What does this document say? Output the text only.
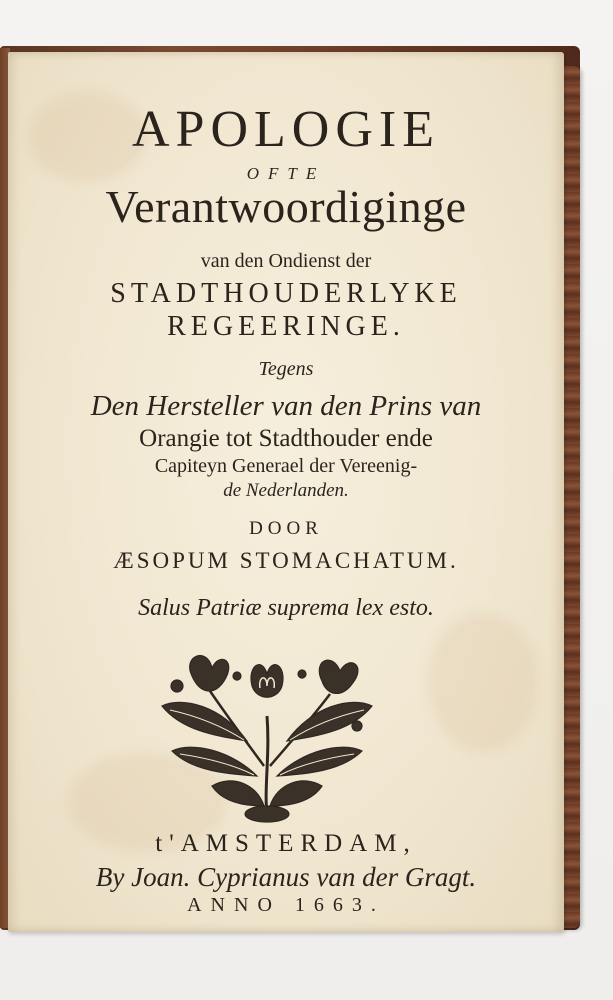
APOLOGIE
OFTE
Verantwoordiginge
van den Ondienst der
STADTHOUDERLYKE
REGEERINGE.
Tegens
Den Hersteller van den Prins van
Orangie tot Stadthouder ende
Capiteyn Generael der Vereenig-
de Nederlanden.
DOOR
ÆSOPUM STOMACHATUM.
Salus Patriæ suprema lex esto.
t'AMSTERDAM,
By Joan. Cyprianus van der Gragt.
ANNO 1663.
